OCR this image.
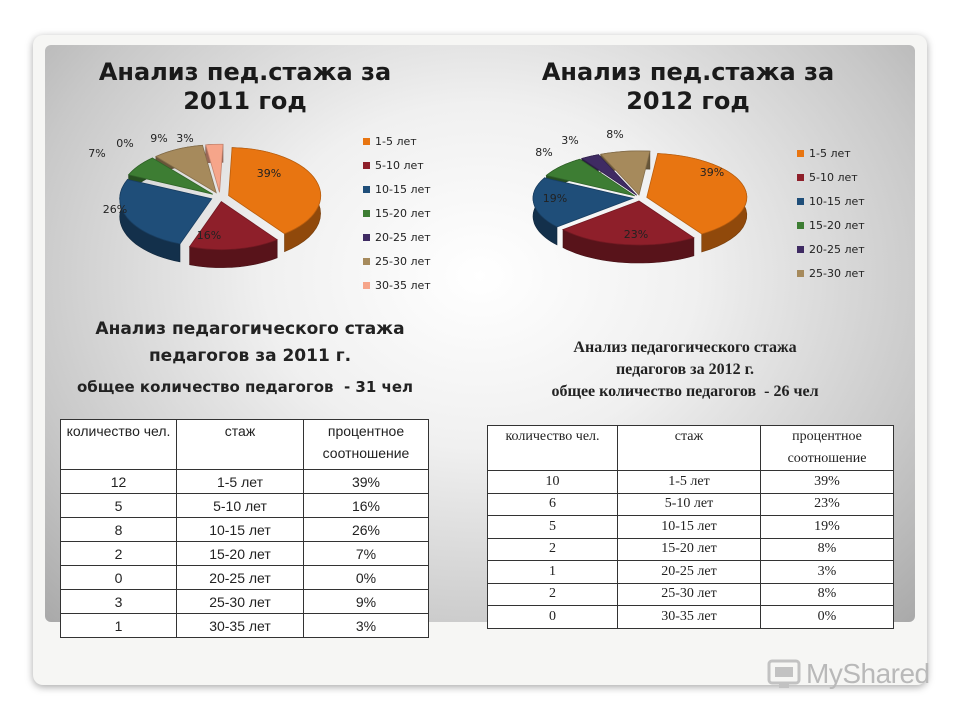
Анализ пед.стажа за
2011 год
Анализ пед.стажа за
2012 год
39%
16%
26%
7%
0% 9% 3%	1-5 лет
5-10 лет
10-15 лет
15-20 лет
20-25 лет
25-30 лет
30-35 лет
39%
23%
19%
8%
3%	8%
1-5 лет
5-10 лет
10-15 лет
15-20 лет
20-25 лет
25-30 лет
Анализ педагогического стажа
педагогов за 2011 г.
общее количество педагогов  - 31 чел
Анализ педагогического стажа
педагогов за 2012 г.
общее количество педагогов  - 26 чел
количество чел.	стаж	процентное соотношение
12	1-5 лет	39%
5	5-10 лет	16%
8	10-15 лет	26%
2	15-20 лет	7%
0	20-25 лет	0%
3	25-30 лет	9%
1	30-35 лет	3%
количество чел.	стаж	процентное соотношение
10	1-5 лет	39%
6	5-10 лет	23%
5	10-15 лет	19%
2	15-20 лет	8%
1	20-25 лет	3%
2	25-30 лет	8%
0	30-35 лет	0%
MyShared
